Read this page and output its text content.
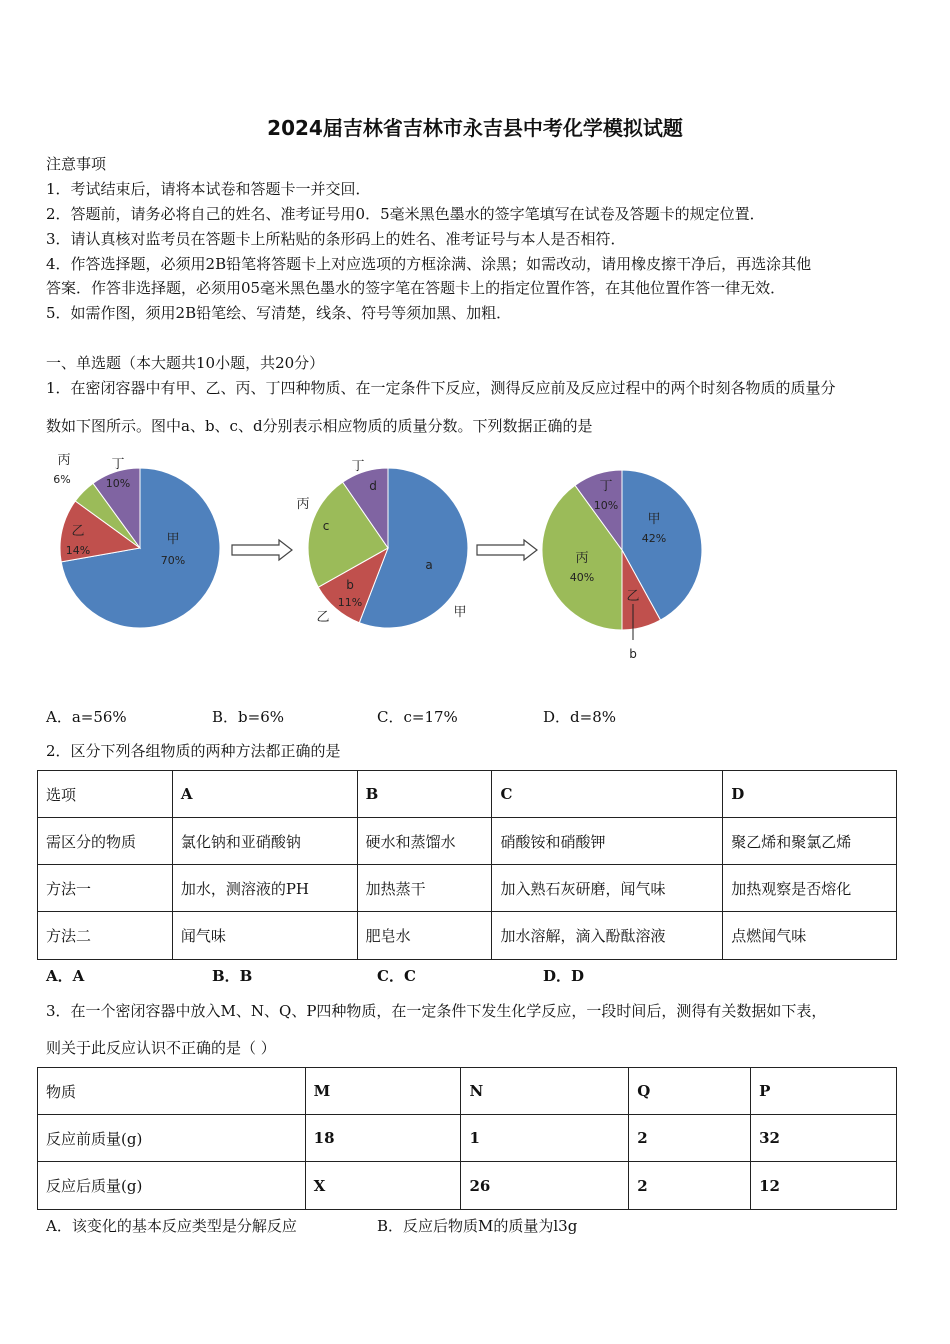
2024届吉林省吉林市永吉县中考化学模拟试题
注意事项
1．考试结束后，请将本试卷和答题卡一并交回．
2．答题前，请务必将自己的姓名、准考证号用0．5毫米黑色墨水的签字笔填写在试卷及答题卡的规定位置．
3．请认真核对监考员在答题卡上所粘贴的条形码上的姓名、准考证号与本人是否相符．
4．作答选择题，必须用2B铅笔将答题卡上对应选项的方框涂满、涂黑；如需改动，请用橡皮擦干净后，再选涂其他
答案．作答非选择题，必须用05毫米黑色墨水的签字笔在答题卡上的指定位置作答，在其他位置作答一律无效．
5．如需作图，须用2B铅笔绘、写清楚，线条、符号等须加黑、加粗．
一、单选题（本大题共10小题，共20分）
1．在密闭容器中有甲、乙、丙、丁四种物质、在一定条件下反应，测得反应前及反应过程中的两个时刻各物质的质量分
数如下图所示。图中a、b、c、d分别表示相应物质的质量分数。下列数据正确的是
甲
70%
乙
14%
丙
6%
丁
10%
a
b
11%
c
d
甲
乙
丙
丁
甲
42%
丙
40%
丁
10%
乙
b
A．a=56%	B．b=6%	C．c=17%	D．d=8%
2．区分下列各组物质的两种方法都正确的是
选项	A	B	C	D
需区分的物质	氯化钠和亚硝酸钠	硬水和蒸馏水	硝酸铵和硝酸钾	聚乙烯和聚氯乙烯
方法一	加水，测溶液的PH	加热蒸干	加入熟石灰研磨，闻气味	加热观察是否熔化
方法二	闻气味	肥皂水	加水溶解，滴入酚酞溶液	点燃闻气味
A．A	B．B	C．C	D．D
3．在一个密闭容器中放入M、N、Q、P四种物质，在一定条件下发生化学反应，一段时间后，测得有关数据如下表，
则关于此反应认识不正确的是（ ）
物质	M	N	Q	P
反应前质量(g)	18	1	2	32
反应后质量(g)	X	26	2	12
A．该变化的基本反应类型是分解反应	B．反应后物质M的质量为l3g
